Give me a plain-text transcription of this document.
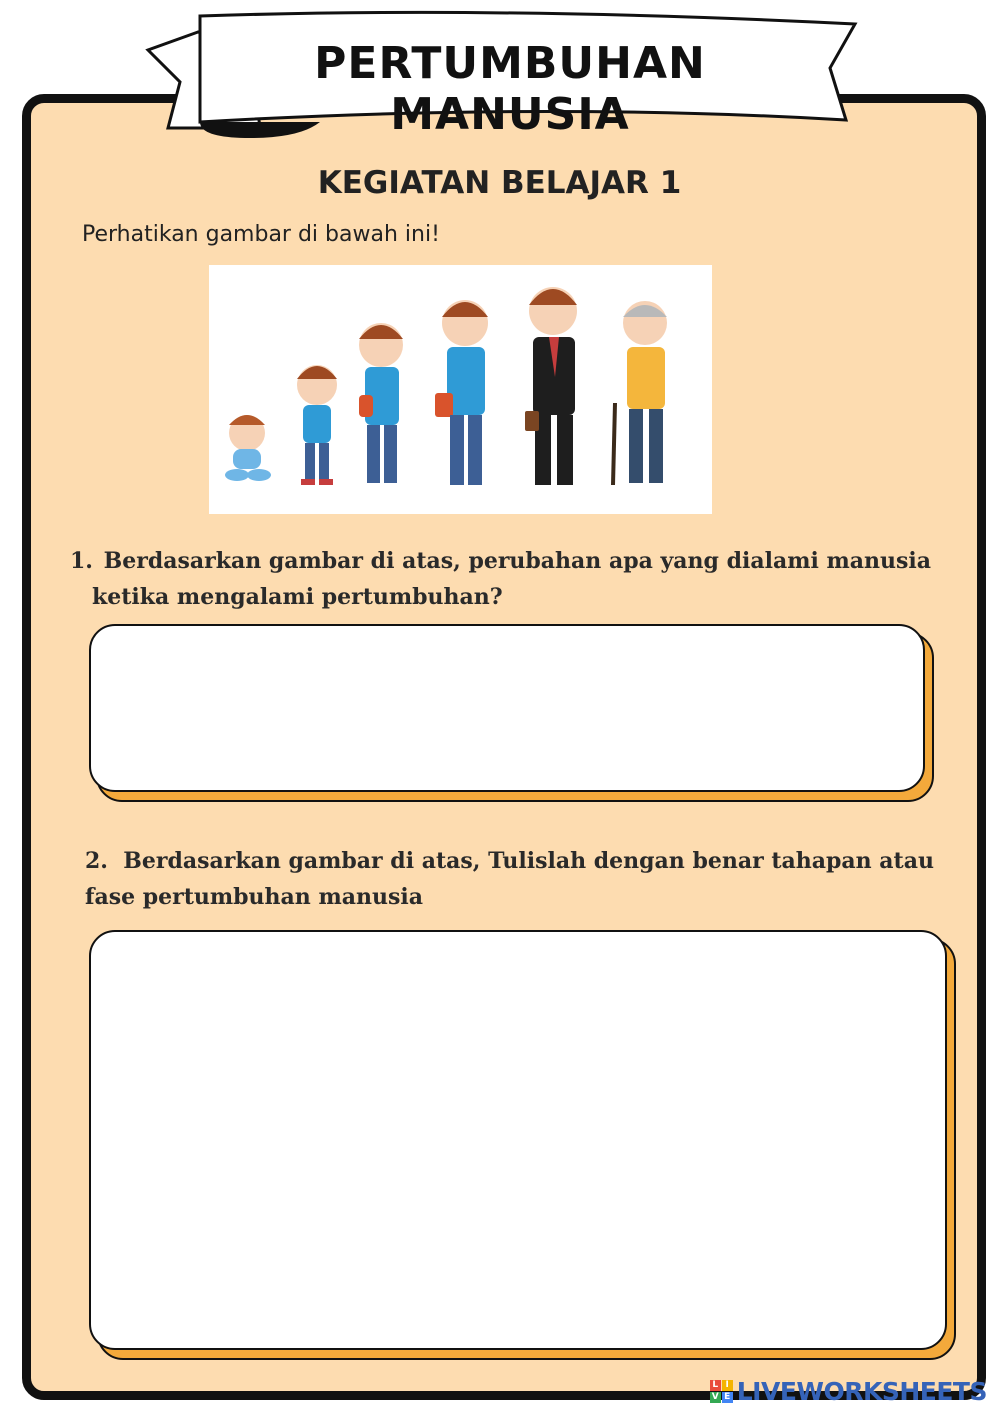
PERTUMBUHAN MANUSIA
KEGIATAN BELAJAR 1
Perhatikan gambar di bawah ini!
1. Berdasarkan gambar di atas, perubahan apa yang dialami manusia
ketika mengalami pertumbuhan?
2. Berdasarkan gambar di atas, Tulislah dengan benar tahapan atau
fase pertumbuhan manusia
L I
V E LIVEWORKSHEETS
